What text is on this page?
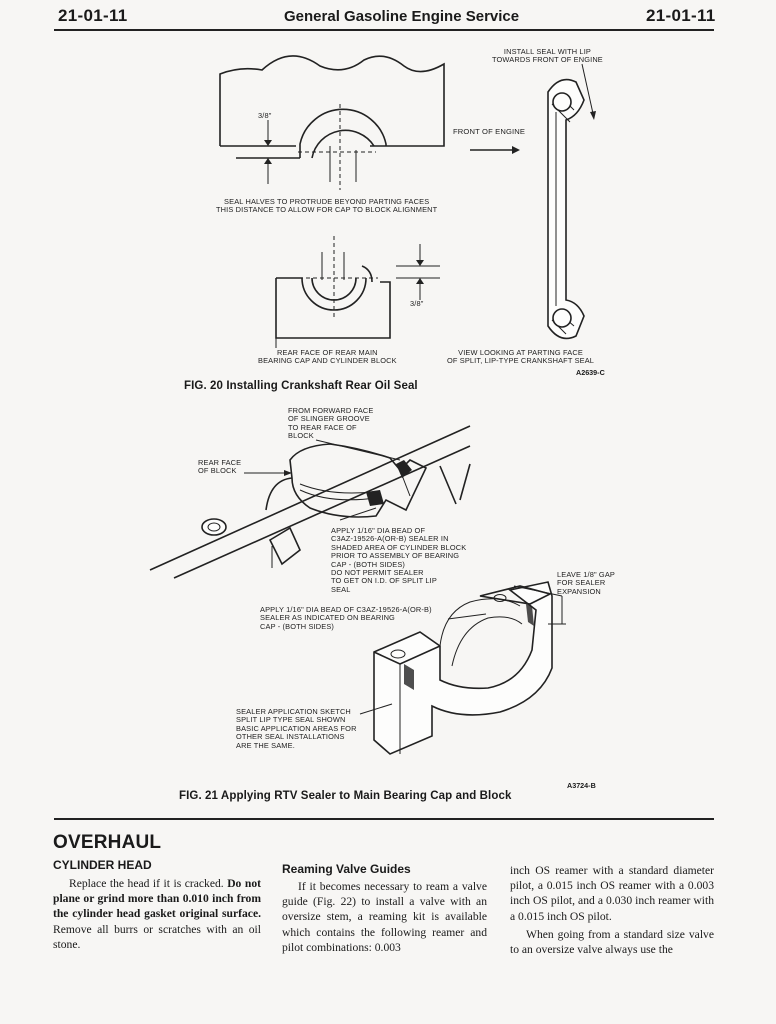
21-01-11	General Gasoline Engine Service	21-01-11
INSTALL SEAL WITH LIP
TOWARDS FRONT OF ENGINE
FRONT OF ENGINE
3/8"
SEAL HALVES TO PROTRUDE BEYOND PARTING FACES
THIS DISTANCE TO ALLOW FOR CAP TO BLOCK ALIGNMENT
3/8"
REAR FACE OF REAR MAIN
BEARING CAP AND CYLINDER BLOCK
VIEW LOOKING AT PARTING FACE
OF SPLIT, LIP-TYPE CRANKSHAFT SEAL
A2639-C
FIG. 20 Installing Crankshaft Rear Oil Seal
FROM FORWARD FACE
OF SLINGER GROOVE
TO REAR FACE OF
BLOCK
REAR FACE
OF BLOCK
APPLY 1/16" DIA BEAD OF
C3AZ-19526-A(OR-B) SEALER IN
SHADED AREA OF CYLINDER BLOCK
PRIOR TO ASSEMBLY OF BEARING
CAP - (BOTH SIDES)
DO NOT PERMIT SEALER
TO GET ON I.D. OF SPLIT LIP
SEAL
LEAVE 1/8" GAP
FOR SEALER
EXPANSION
APPLY 1/16" DIA BEAD OF C3AZ-19526-A(OR-B)
SEALER AS INDICATED ON BEARING
CAP - (BOTH SIDES)
SEALER APPLICATION SKETCH
SPLIT LIP TYPE SEAL SHOWN
BASIC APPLICATION AREAS FOR
OTHER SEAL INSTALLATIONS
ARE THE SAME.
A3724-B
FIG. 21 Applying RTV Sealer to Main Bearing Cap and Block
OVERHAUL
CYLINDER HEAD

Replace the head if it is cracked. Do not plane or grind more than 0.010 inch from the cylinder head gasket original surface. Remove all burrs or scratches with an oil stone.

Reaming Valve Guides

If it becomes necessary to ream a valve guide (Fig. 22) to install a valve with an oversize stem, a reaming kit is available which contains the following reamer and pilot combinations: 0.003

inch OS reamer with a standard diameter pilot, a 0.015 inch OS reamer with a 0.003 inch OS pilot, and a 0.030 inch reamer with a 0.015 inch OS pilot.

When going from a standard size valve to an oversize valve always use the
